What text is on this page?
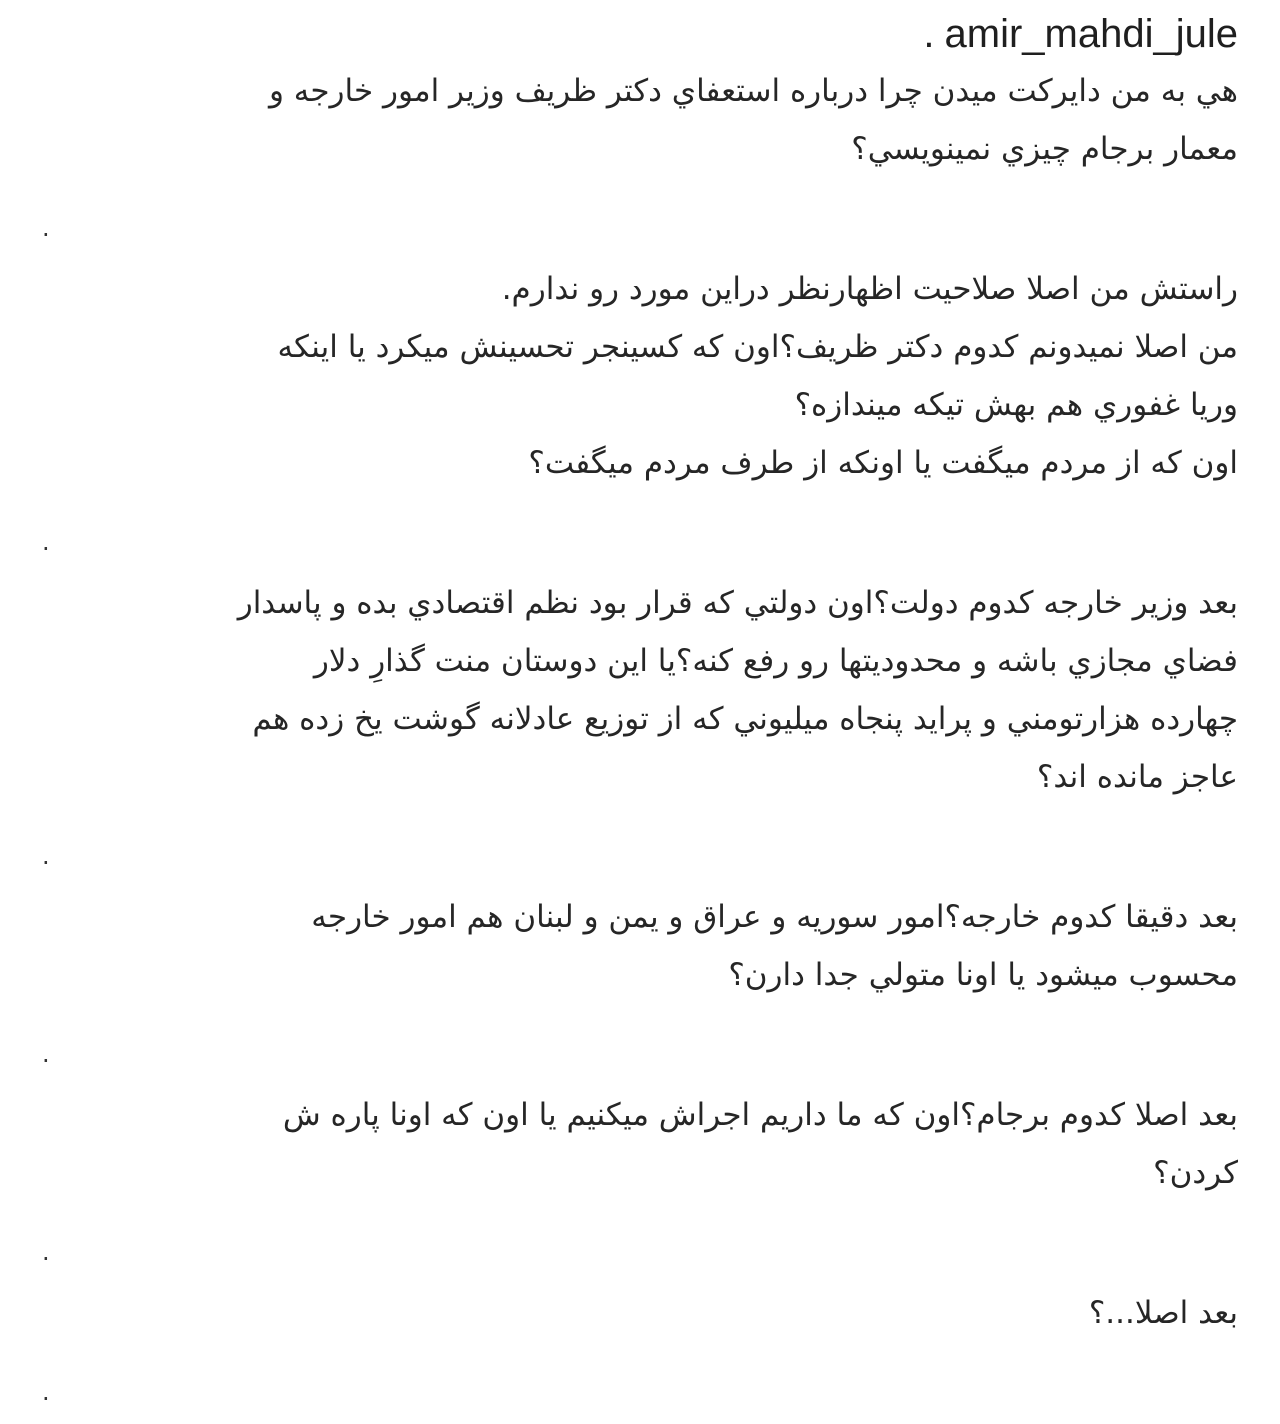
. amir_mahdi_jule

هي به من دايركت ميدن چرا درباره استعفاي دكتر ظريف وزير امور خارجه و
معمار برجام چيزي نمينويسي؟

.

راستش من اصلا صلاحيت اظهارنظر دراين مورد رو ندارم.
من اصلا نميدونم كدوم دكتر ظريف؟اون كه كسينجر تحسينش ميكرد يا اينكه
وريا غفوري هم بهش تيكه ميندازه؟
اون كه از مردم ميگفت يا اونكه از طرف مردم ميگفت؟

.

بعد وزير خارجه كدوم دولت؟اون دولتي كه قرار بود نظم اقتصادي بده و پاسدار
فضاي مجازي باشه و محدوديتها رو رفع كنه؟يا اين دوستان منت گذارِ دلار
چهارده هزارتومني و پرايد پنجاه ميليوني كه از توزيع عادلانه گوشت يخ زده هم
عاجز مانده اند؟

.

بعد دقيقا كدوم خارجه؟امور سوريه و عراق و يمن و لبنان هم امور خارجه
محسوب ميشود يا اونا متولي جدا دارن؟

.

بعد اصلا كدوم برجام؟اون كه ما داريم اجراش ميكنيم يا اون كه اونا پاره ش
كردن؟

.

بعد اصلا...؟

.
